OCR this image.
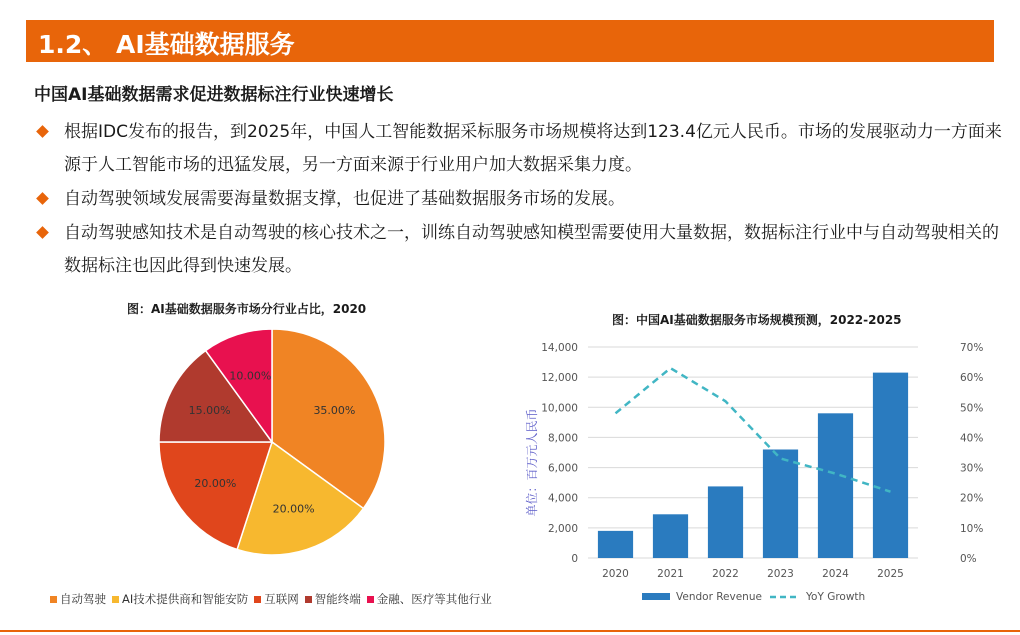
1.2、 AI基础数据服务
中国AI基础数据需求促进数据标注行业快速增长
根据IDC发布的报告，到2025年，中国人工智能数据采标服务市场规模将达到123.4亿元人民币。市场的发展驱动力一方面来源于人工智能市场的迅猛发展，另一方面来源于行业用户加大数据采集力度。
自动驾驶领域发展需要海量数据支撑，也促进了基础数据服务市场的发展。
自动驾驶感知技术是自动驾驶的核心技术之一，训练自动驾驶感知模型需要使用大量数据，数据标注行业中与自动驾驶相关的数据标注也因此得到快速发展。
图：AI基础数据服务市场分行业占比，2020
35.00%
20.00%
20.00%
15.00%
10.00%
自动驾驶 AI技术提供商和智能安防 互联网 智能终端 金融、医疗等其他行业
图：中国AI基础数据服务市场规模预测，2022-2025
0
2,000
4,000
6,000
8,000
10,000
12,000
14,000
0%
10%
20%
30%
40%
50%
60%
70%
单位：百万元人民币
2020	2021	2022	2023	2024	2025
Vendor Revenue	YoY Growth
